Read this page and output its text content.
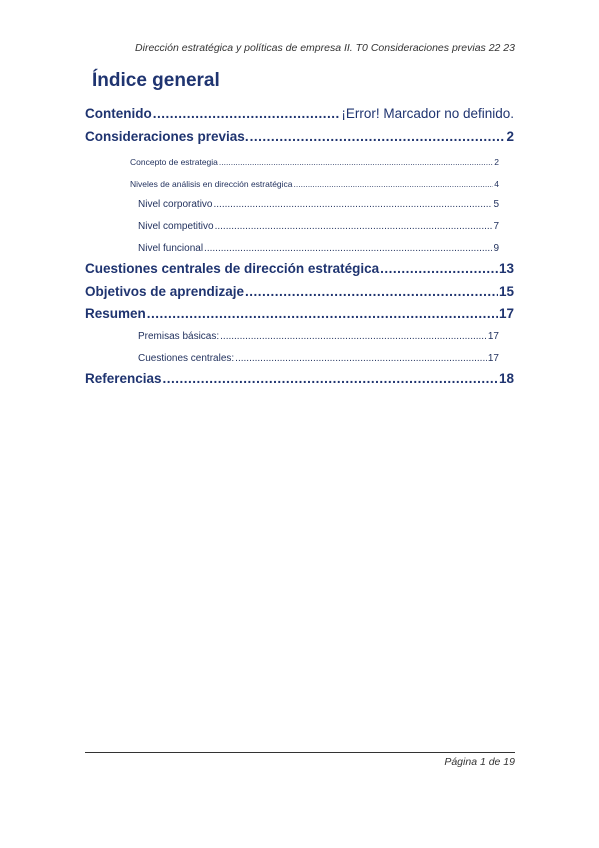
Dirección estratégica y políticas de empresa II. T0 Consideraciones previas 22 23
Índice general
Contenido .....	¡Error! Marcador no definido.
Consideraciones previas. .....	2
Concepto de estrategia .....	2
Niveles de análisis en dirección estratégica .....	4
Nivel corporativo .....	5
Nivel competitivo .....	7
Nivel funcional .....	9
Cuestiones centrales de dirección estratégica .....	13
Objetivos de aprendizaje .....	15
Resumen .....	17
Premisas básicas: .....	17
Cuestiones centrales: .....	17
Referencias .....	18
Página 1 de 19
